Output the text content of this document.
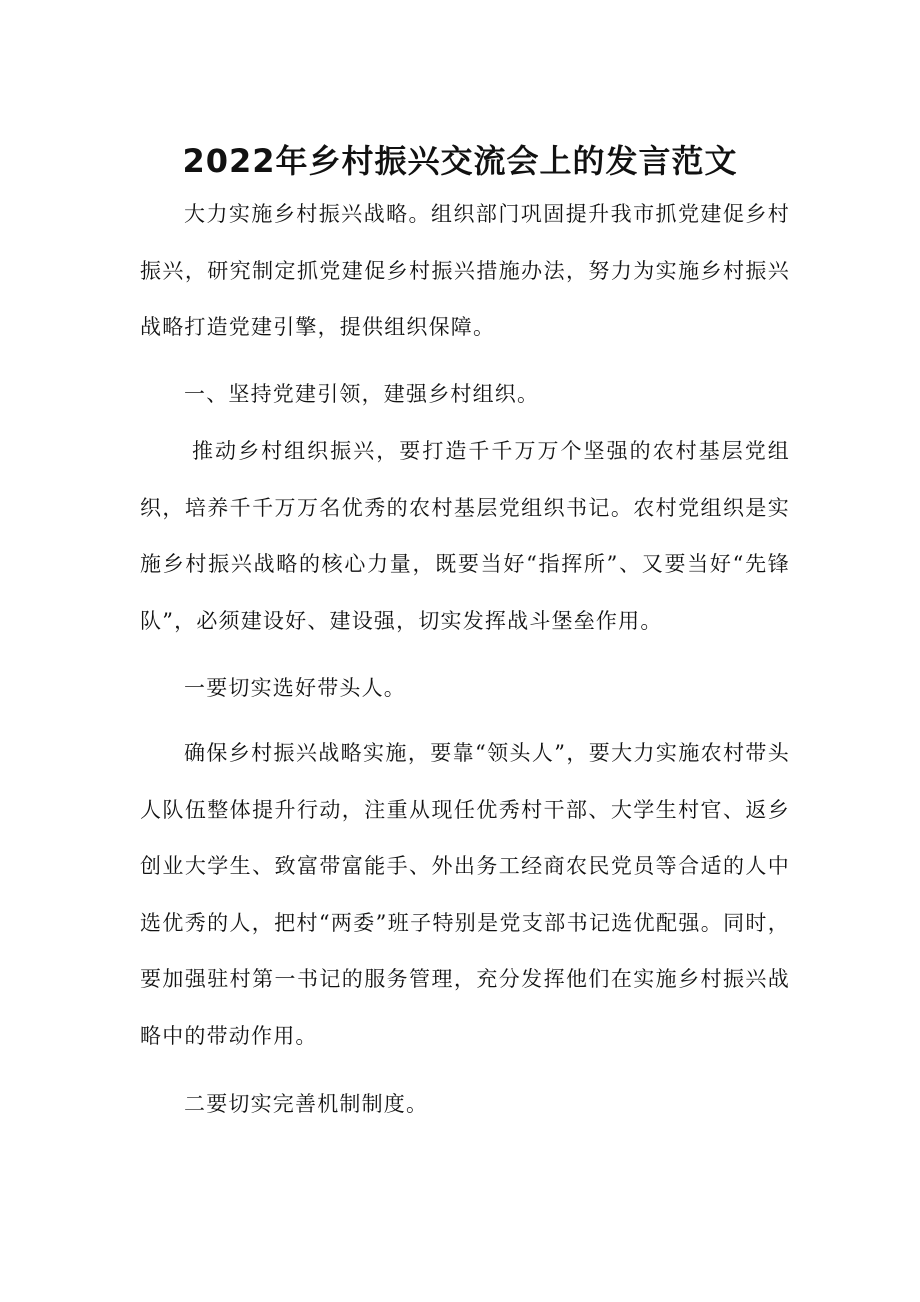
2022年乡村振兴交流会上的发言范文

大力实施乡村振兴战略。组织部门巩固提升我市抓党建促乡村振兴，研究制定抓党建促乡村振兴措施办法，努力为实施乡村振兴战略打造党建引擎，提供组织保障。

一、坚持党建引领，建强乡村组织。

推动乡村组织振兴，要打造千千万万个坚强的农村基层党组织，培养千千万万名优秀的农村基层党组织书记。农村党组织是实施乡村振兴战略的核心力量，既要当好“指挥所”、又要当好“先锋队”，必须建设好、建设强，切实发挥战斗堡垒作用。

一要切实选好带头人。

确保乡村振兴战略实施，要靠“领头人”，要大力实施农村带头人队伍整体提升行动，注重从现任优秀村干部、大学生村官、返乡创业大学生、致富带富能手、外出务工经商农民党员等合适的人中选优秀的人，把村“两委”班子特别是党支部书记选优配强。同时，要加强驻村第一书记的服务管理，充分发挥他们在实施乡村振兴战略中的带动作用。

二要切实完善机制制度。
